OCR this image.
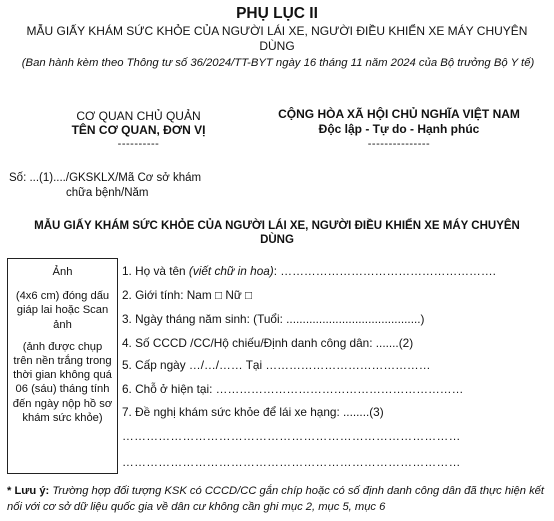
PHỤ LỤC II
MẪU GIẤY KHÁM SỨC KHỎE CỦA NGƯỜI LÁI XE, NGƯỜI ĐIỀU KHIỂN XE MÁY CHUYÊN DÙNG
(Ban hành kèm theo Thông tư số 36/2024/TT-BYT ngày 16 tháng 11 năm 2024 của Bộ trưởng Bộ Y tế)
CƠ QUAN CHỦ QUẢN
TÊN CƠ QUAN, ĐƠN VỊ
----------
CỘNG HÒA XÃ HỘI CHỦ NGHĨA VIỆT NAM
Độc lập - Tự do - Hạnh phúc
---------------
Số: ...(1)..../GKSKLX/Mã Cơ sở khám
chữa bệnh/Năm
MẪU GIẤY KHÁM SỨC KHỎE CỦA NGƯỜI LÁI XE, NGƯỜI ĐIỀU KHIỂN XE MÁY CHUYÊN DÙNG
Ảnh
(4x6 cm) đóng dấu
giáp lai hoặc Scan
ảnh
(ảnh được chụp
trên nền trắng trong
thời gian không quá
06 (sáu) tháng tính
đến ngày nộp hồ sơ
khám sức khỏe)
1. Họ và tên (viết chữ in hoa): ……………………………………………….
2. Giới tính: Nam □ Nữ □
3. Ngày tháng năm sinh: (Tuổi: .........................................)
4. Số CCCD /CC/Hộ chiếu/Định danh công dân: .......(2)
5. Cấp ngày …/…/…… Tại ……………………………………
6. Chỗ ở hiện tại: ………………………………………………………
7. Đề nghị khám sức khỏe để lái xe hạng: ........(3)
…………………………………………………………………………
…………………………………………………………………………
* Lưu ý: Trường hợp đối tượng KSK có CCCD/CC gắn chíp hoặc có số định danh công dân đã thực hiện kết nối với cơ sở dữ liệu quốc gia về dân cư không cần ghi mục 2, mục 5, mục 6
